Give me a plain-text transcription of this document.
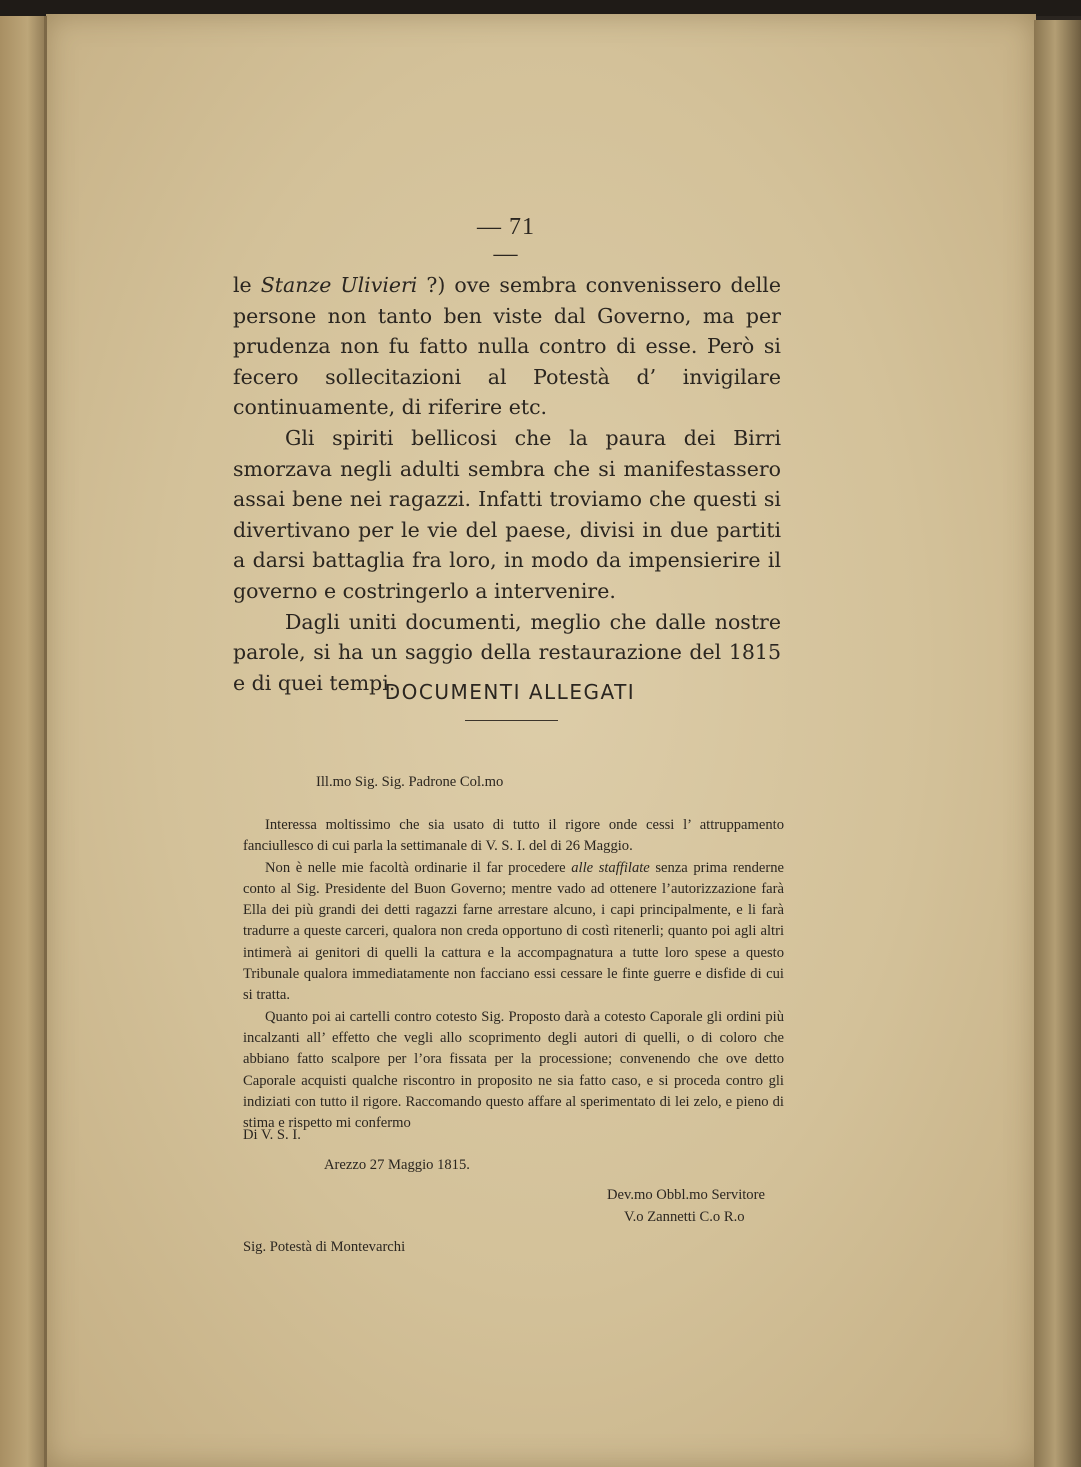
— 71 —

le Stanze Ulivieri ?) ove sembra convenissero delle persone non tanto ben viste dal Governo, ma per prudenza non fu fatto nulla contro di esse. Però si fecero sollecitazioni al Potestà d’ invigilare continuamente, di riferire etc.

Gli spiriti bellicosi che la paura dei Birri smorzava negli adulti sembra che si manifestassero assai bene nei ragazzi. Infatti troviamo che questi si divertivano per le vie del paese, divisi in due partiti a darsi battaglia fra loro, in modo da impensierire il governo e costringerlo a intervenire.

Dagli uniti documenti, meglio che dalle nostre parole, si ha un saggio della restaurazione del 1815 e di quei tempi.

DOCUMENTI ALLEGATI
Ill.mo Sig. Sig. Padrone Col.mo

Interessa moltissimo che sia usato di tutto il rigore onde cessi l’ attruppamento fanciullesco di cui parla la settimanale di V. S. I. del di 26 Maggio.

Non è nelle mie facoltà ordinarie il far procedere alle staffilate senza prima renderne conto al Sig. Presidente del Buon Governo; mentre vado ad ottenere l’autorizzazione farà Ella dei più grandi dei detti ragazzi farne arrestare alcuno, i capi principalmente, e li farà tradurre a queste carceri, qualora non creda opportuno di costì ritenerli; quanto poi agli altri intimerà ai genitori di quelli la cattura e la accompagnatura a tutte loro spese a questo Tribunale qualora immediatamente non facciano essi cessare le finte guerre e disfide di cui si tratta.

Quanto poi ai cartelli contro cotesto Sig. Proposto darà a cotesto Caporale gli ordini più incalzanti all’ effetto che vegli allo scoprimento degli autori di quelli, o di coloro che abbiano fatto scalpore per l’ora fissata per la processione; convenendo che ove detto Caporale acquisti qualche riscontro in proposito ne sia fatto caso, e si proceda contro gli indiziati con tutto il rigore. Raccomando questo affare al sperimentato di lei zelo, e pieno di stima e rispetto mi confermo

Di V. S. I.
Arezzo 27 Maggio 1815.
Dev.mo Obbl.mo Servitore
V.o Zannetti C.o R.o
Sig. Potestà di Montevarchi
